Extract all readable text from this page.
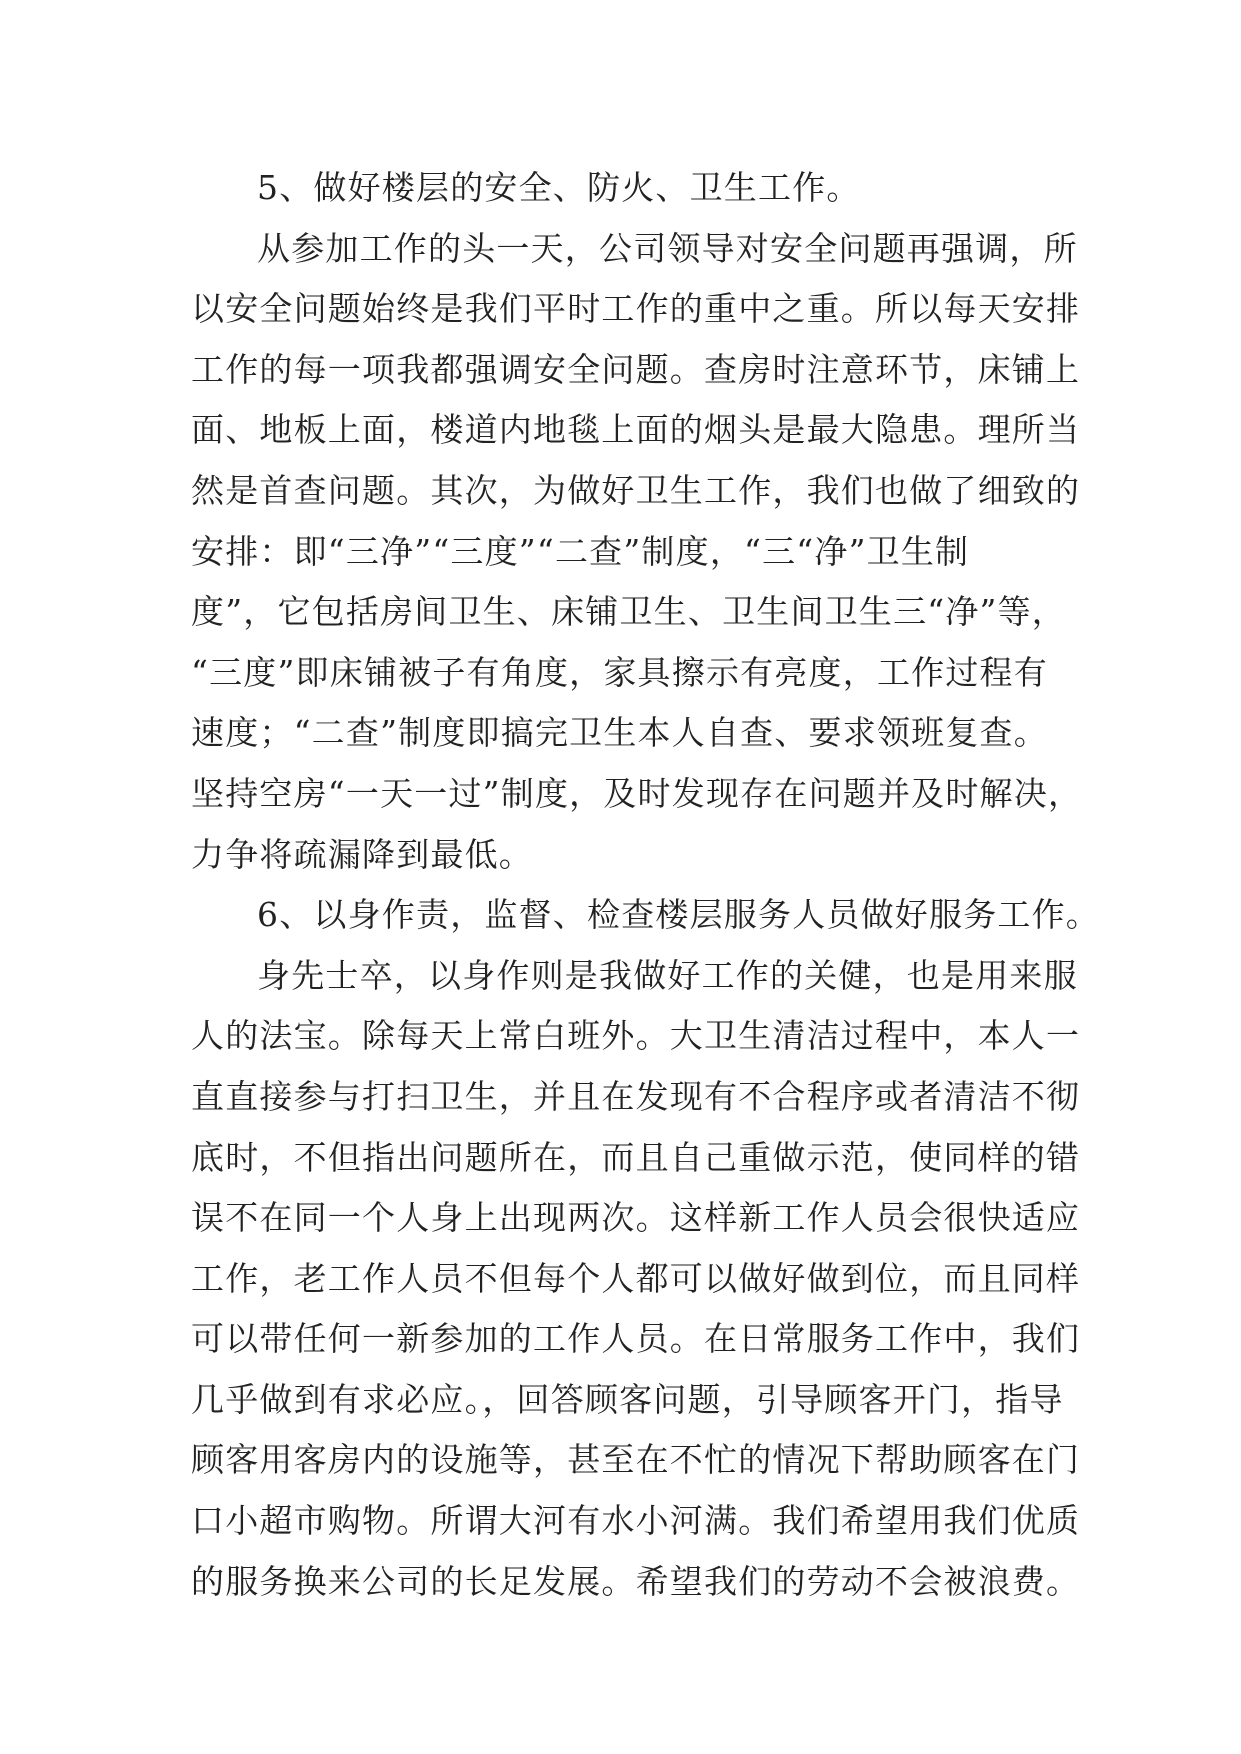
5、做好楼层的安全、防火、卫生工作。
从参加工作的头一天，公司领导对安全问题再强调，所
以安全问题始终是我们平时工作的重中之重。所以每天安排
工作的每一项我都强调安全问题。查房时注意环节，床铺上
面、地板上面，楼道内地毯上面的烟头是最大隐患。理所当
然是首查问题。其次，为做好卫生工作，我们也做了细致的
安排：即“三净”“三度”“二查”制度，“三“净”卫生制
度”，它包括房间卫生、床铺卫生、卫生间卫生三“净”等，
“三度”即床铺被子有角度，家具擦示有亮度，工作过程有
速度；“二查”制度即搞完卫生本人自查、要求领班复查。
坚持空房“一天一过”制度，及时发现存在问题并及时解决，
力争将疏漏降到最低。
6、以身作责，监督、检查楼层服务人员做好服务工作。
身先士卒，以身作则是我做好工作的关健，也是用来服
人的法宝。除每天上常白班外。大卫生清洁过程中，本人一
直直接参与打扫卫生，并且在发现有不合程序或者清洁不彻
底时，不但指出问题所在，而且自己重做示范，使同样的错
误不在同一个人身上出现两次。这样新工作人员会很快适应
工作，老工作人员不但每个人都可以做好做到位，而且同样
可以带任何一新参加的工作人员。在日常服务工作中，我们
几乎做到有求必应。，回答顾客问题，引导顾客开门，指导
顾客用客房内的设施等，甚至在不忙的情况下帮助顾客在门
口小超市购物。所谓大河有水小河满。我们希望用我们优质
的服务换来公司的长足发展。希望我们的劳动不会被浪费。
